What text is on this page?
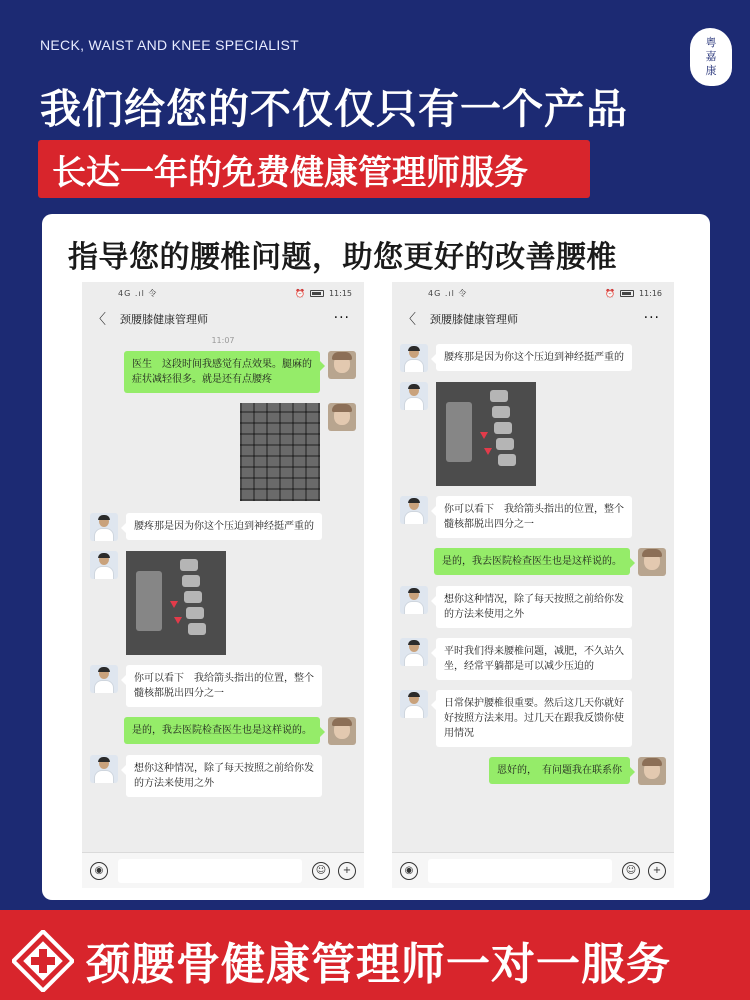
NECK, WAIST AND KNEE SPECIALIST	粤
嘉
康
我们给您的不仅仅只有一个产品
长达一年的免费健康管理师服务
指导您的腰椎问题，助您更好的改善腰椎
4G .ıl 令	⏰	11:15
〈 颈腰膝健康管理师	···
11:07
医生　这段时间我感觉有点效果。腿麻的症状减轻很多。就是还有点腰疼
腰疼那是因为你这个压迫到神经挺严重的
你可以看下　我给箭头指出的位置，整个髓核都脱出四分之一
是的，我去医院检查医生也是这样说的。
想你这种情况，除了每天按照之前给你发的方法来使用之外
◉	☺	+
4G .ıl 令	⏰	11:16
〈 颈腰膝健康管理师	···
腰疼那是因为你这个压迫到神经挺严重的
你可以看下　我给箭头指出的位置，整个髓核都脱出四分之一
是的，我去医院检查医生也是这样说的。
想你这种情况，除了每天按照之前给你发的方法来使用之外
平时我们得来腰椎问题，减肥，不久站久坐，经常平躺都是可以减少压迫的
日常保护腰椎很重要。然后这几天你就好好按照方法来用。过几天在跟我反馈你使用情况
恩好的，　有问题我在联系你
◉	☺	+
颈腰骨健康管理师一对一服务
